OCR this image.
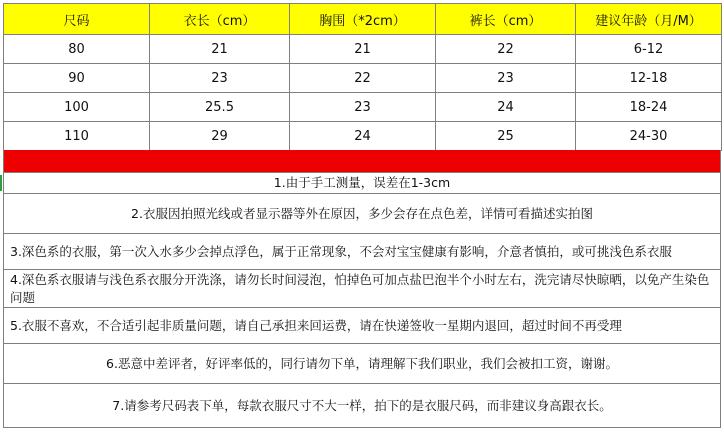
尺码	衣长（cm）	胸围（*2cm）	裤长（cm）	建议年龄（月/M）
80	21	21	22	6-12
90	23	22	23	12-18
100	25.5	23	24	18-24
110	29	24	25	24-30
1.由于手工测量，误差在1-3cm
2.衣服因拍照光线或者显示器等外在原因，多少会存在点色差，详情可看描述实拍图
3.深色系的衣服，第一次入水多少会掉点浮色，属于正常现象，不会对宝宝健康有影响，介意者慎拍，或可挑浅色系衣服
4.深色系衣服请与浅色系衣服分开洗涤，请勿长时间浸泡，怕掉色可加点盐巴泡半个小时左右，洗完请尽快晾晒，以免产生染色问题
5.衣服不喜欢，不合适引起非质量问题，请自己承担来回运费，请在快递签收一星期内退回，超过时间不再受理
6.恶意中差评者，好评率低的，同行请勿下单，请理解下我们职业，我们会被扣工资，谢谢。
7.请参考尺码表下单，每款衣服尺寸不大一样，拍下的是衣服尺码，而非建议身高跟衣长。
